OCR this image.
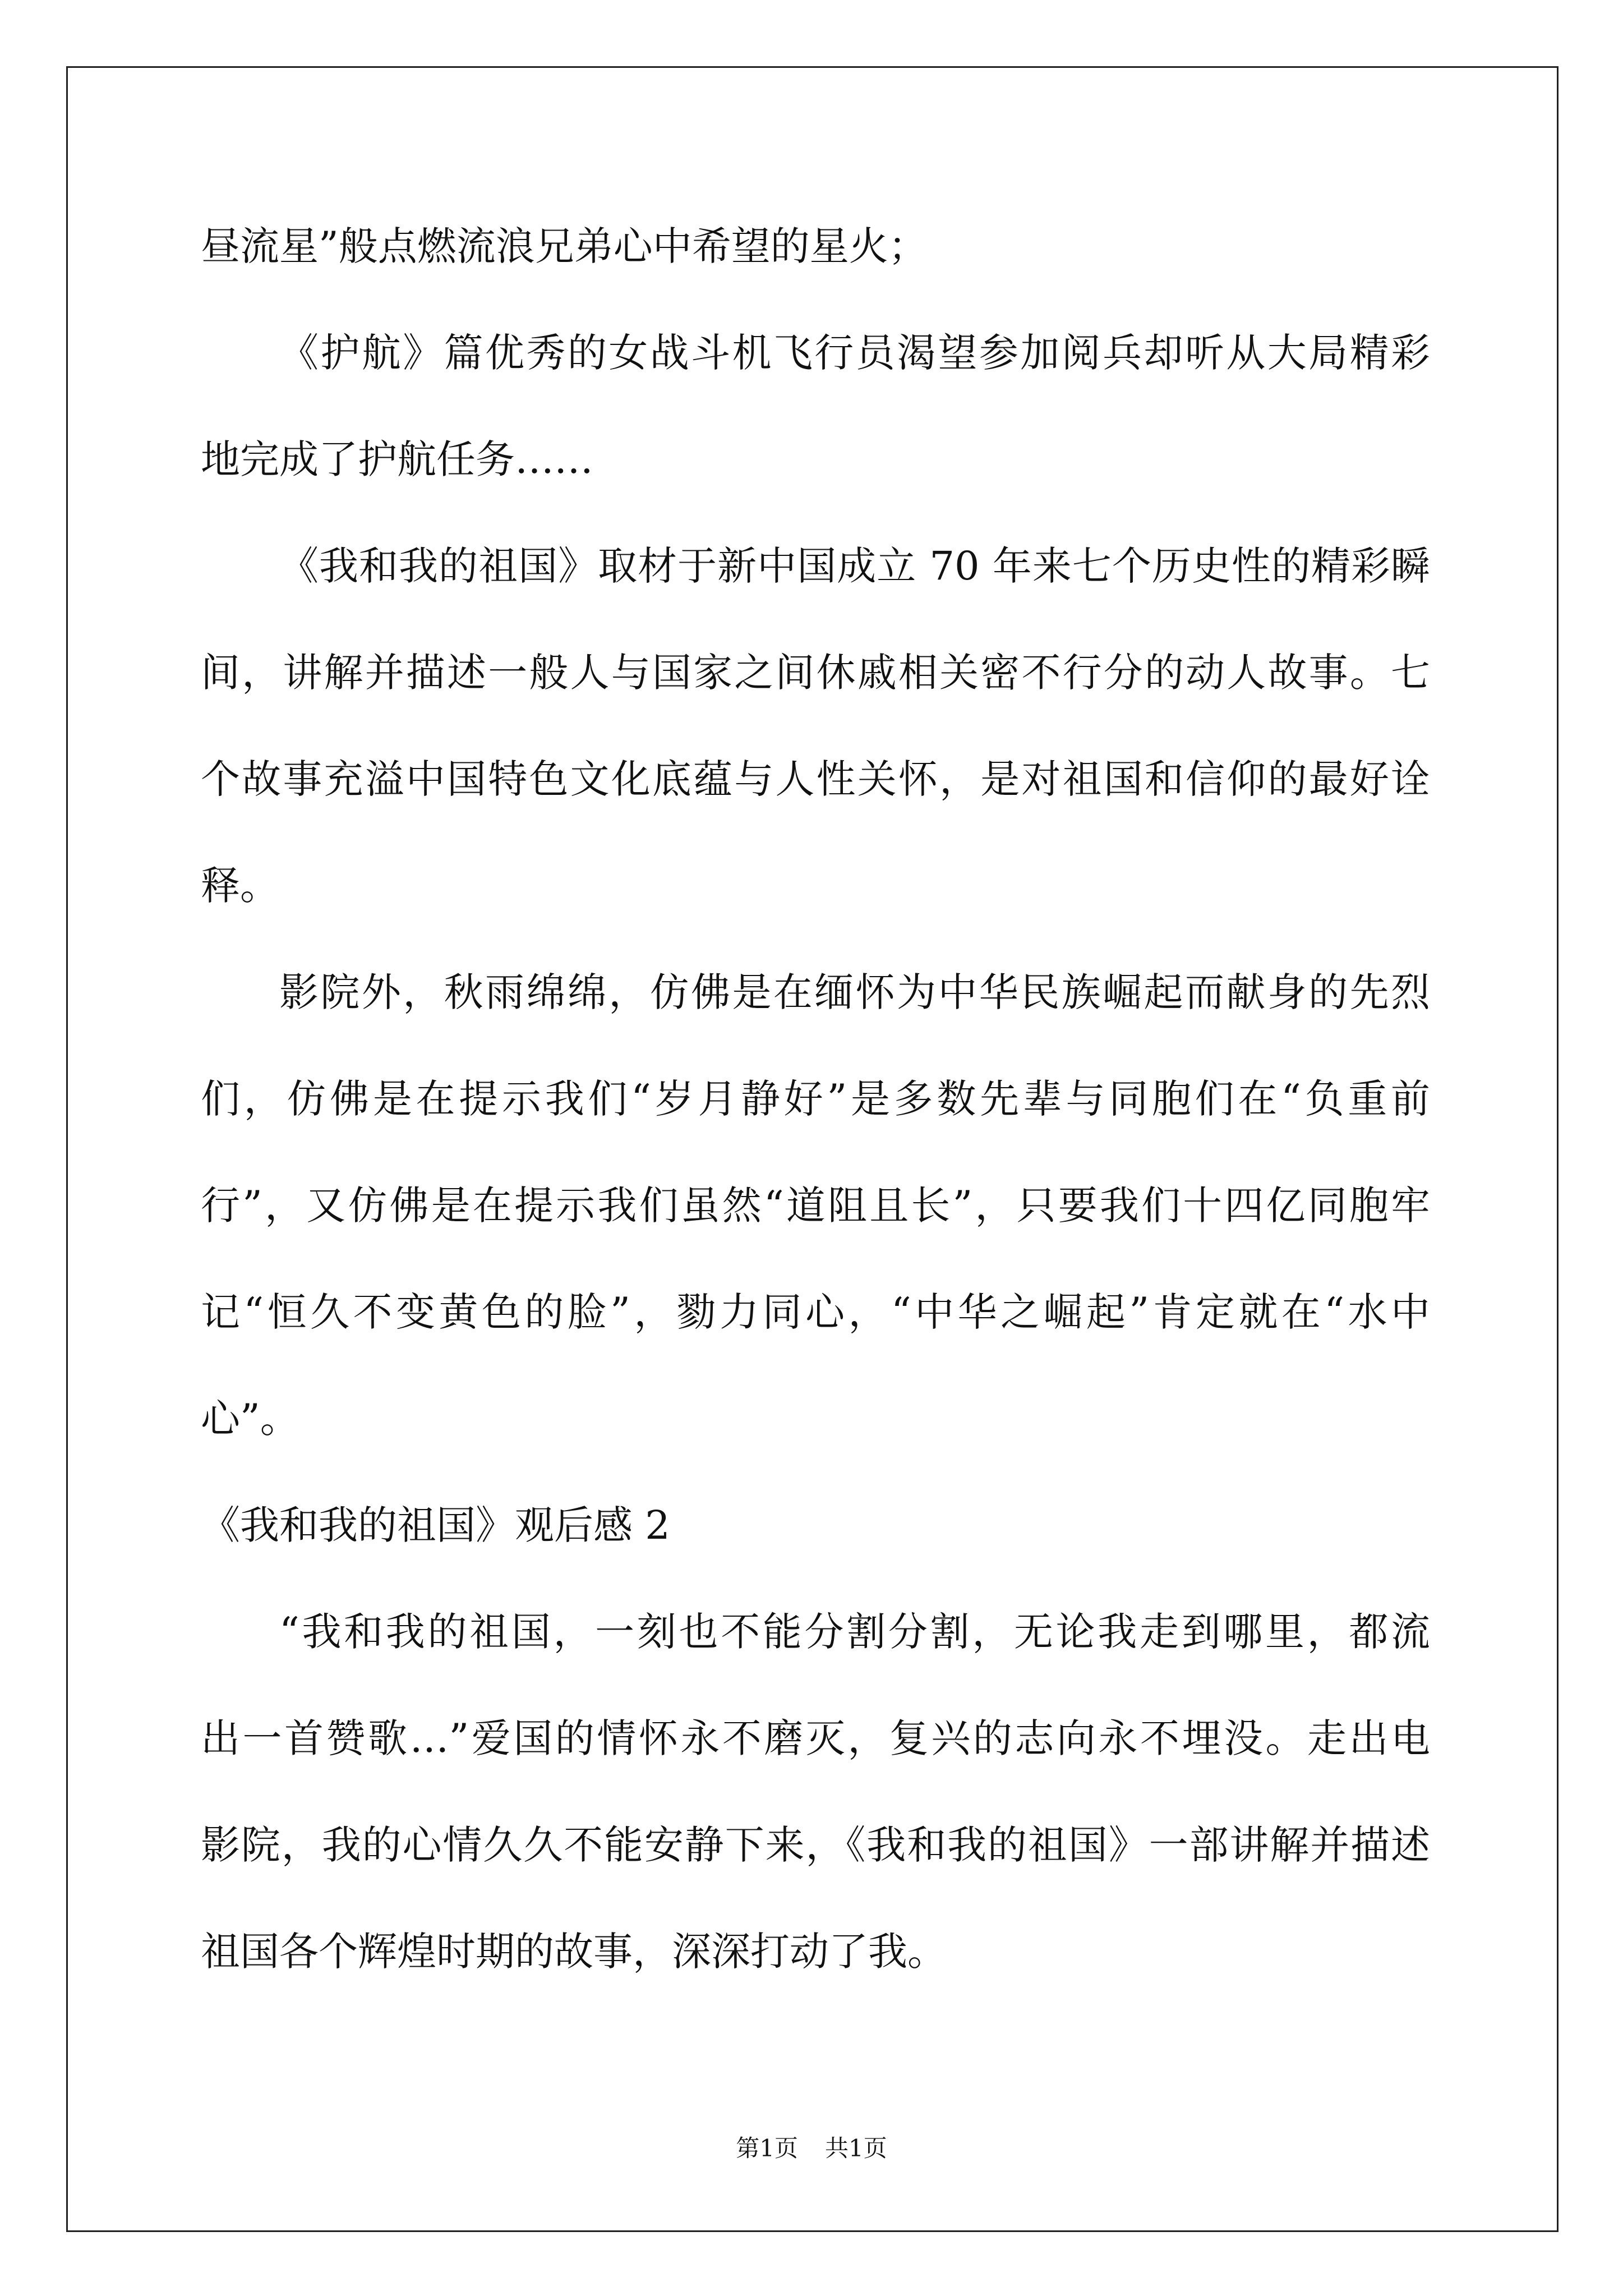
昼流星”般点燃流浪兄弟心中希望的星火；
《护航》篇优秀的女战斗机飞行员渴望参加阅兵却听从大局精彩
地完成了护航任务……
《我和我的祖国》取材于新中国成立 70 年来七个历史性的精彩瞬
间，讲解并描述一般人与国家之间休戚相关密不行分的动人故事。七
个故事充溢中国特色文化底蕴与人性关怀，是对祖国和信仰的最好诠
释。
影院外，秋雨绵绵，仿佛是在缅怀为中华民族崛起而献身的先烈
们，仿佛是在提示我们“岁月静好”是多数先辈与同胞们在“负重前
行”，又仿佛是在提示我们虽然“道阻且长”，只要我们十四亿同胞牢
记“恒久不变黄色的脸”，勠力同心，“中华之崛起”肯定就在“水中
心”。
《我和我的祖国》观后感 2
“我和我的祖国，一刻也不能分割分割，无论我走到哪里，都流
出一首赞歌…”爱国的情怀永不磨灭，复兴的志向永不埋没。走出电
影院，我的心情久久不能安静下来，《我和我的祖国》一部讲解并描述
祖国各个辉煌时期的故事，深深打动了我。
第1页 共1页
